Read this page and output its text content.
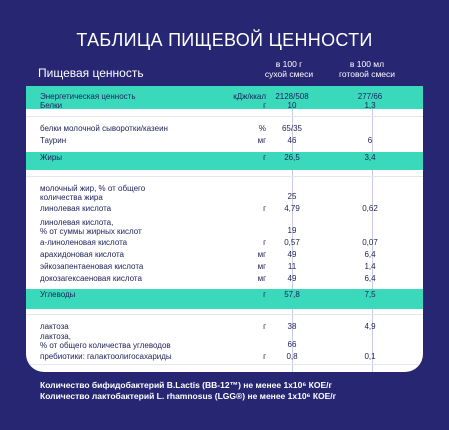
ТАБЛИЦА ПИЩЕВОЙ ЦЕННОСТИ
Пищевая ценность
в 100 г
сухой смеси
в 100 мл
готовой смеси
Энергетическая ценность	кДж/ккал	2128/508	277/66
Белки	г	10	1,3
белки молочной сыворотки/казеин	%	65/35
Таурин	мг	46	6
Жиры	г	26,5	3,4
молочный жир, % от общего
количества жира	25
линолевая кислота	г	4,79	0,62
линолевая кислота,
% от суммы жирных кислот	19
а-линоленовая кислота	г	0,57	0,07
арахидоновая кислота	мг	49	6,4
эйкозапентаеновая кислота	мг	11	1,4
докозагексаеновая кислота	мг	49	6,4
Углеводы	г	57,8	7,5
лактоза	г	38	4,9
лактоза,
% от общего количества углеводов	66
пребиотики: галактоолигосахариды	г	0,8	0,1
Количество бифидобактерий B.Lactis (BB-12™) не менее 1x10⁶ КОЕ/г
Количество лактобактерий L. rhamnosus (LGG®) не менее 1x10⁶ КОЕ/г
